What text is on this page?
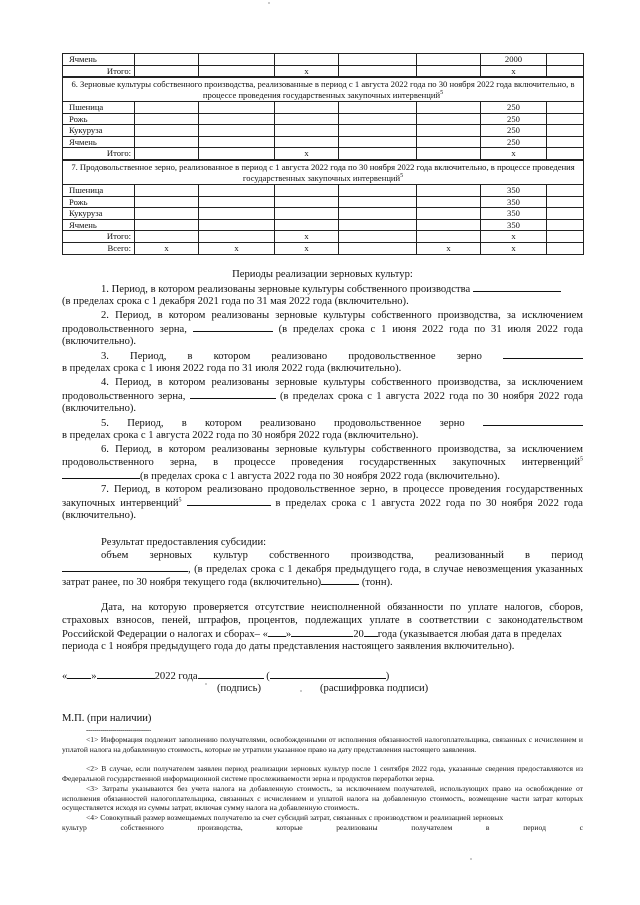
Ячмень						2000	
Итого:			х			х	
6. Зерновые культуры собственного производства, реализованные в период с 1 августа 2022 года по 30 ноября 2022 года включительно, в процессе проведения государственных закупочных интервенций$^5$
Пшеница						250	
Рожь						250	
Кукуруза						250	
Ячмень						250	
Итого:			х			х	
7. Продовольственное зерно, реализованное в период с 1 августа 2022 года по 30 ноября 2022 года включительно, в процессе проведения государственных закупочных интервенций$^5$
Пшеница						350	
Рожь						350	
Кукуруза						350	
Ячмень						350	
Итого:			х			х	
Всего:	х	х	х		х	х	
Периоды реализации зерновых культур:
1. Период, в котором реализованы зерновые культуры собственного производства
(в пределах срока с 1 декабря 2021 года по 31 мая 2022 года (включительно).
2. Период, в котором реализованы зерновые культуры собственного производства, за исключением
продовольственного зерна,	(в пределах срока с 1 июня 2022 года по 31 июля 2022 года
(включительно).
3. Период, в котором реализовано продовольственное зерно
в пределах срока с 1 июня 2022 года по 31 июля 2022 года (включительно).
4. Период, в котором реализованы зерновые культуры собственного производства, за исключением
продовольственного зерна,	(в пределах срока с 1 августа 2022 года по 30 ноября 2022 года
(включительно).
5. Период, в котором реализовано продовольственное зерно
в пределах срока с 1 августа 2022 года по 30 ноября 2022 года (включительно).
6. Период, в котором реализованы зерновые культуры собственного производства, за исключением
продовольственного зерна, в процессе проведения государственных закупочных интервенций$^5$
(в пределах срока с 1 августа 2022 года по 30 ноября 2022 года (включительно).
7. Период, в котором реализовано продовольственное зерно, в процессе проведения государственных
закупочных интервенций$^5$	в пределах срока с 1 августа 2022 года по 30 ноября 2022 года
(включительно).
Результат предоставления субсидии:
объем зерновых культур собственного производства, реализованный в период
, (в пределах срока с 1 декабря предыдущего года, в случае невозмещения указанных
затрат ранее, по 30 ноября текущего года (включительно)	(тонн).
Дата, на которую проверяется отсутствие неисполненной обязанности по уплате налогов, сборов,
страховых взносов, пеней, штрафов, процентов, подлежащих уплате в соответствии с законодательством
Российской Федерации о налогах и сборах– « »	20 года (указывается любая дата в пределах
периода с 1 ноября предыдущего года до даты представления настоящего заявления включительно).
« »	2022 года	(	)
(подпись)	(расшифровка подписи)
М.П. (при наличии)
--------------------------------
<1> Информация подлежит заполнению получателями, освобожденными от исполнения обязанностей налогоплательщика, связанных с исчислением и уплатой налога на добавленную стоимость, которые не утратили указанное право на дату представления настоящего заявления.
<2> В случае, если получателем заявлен период реализации зерновых культур после 1 сентября 2022 года, указанные сведения предоставляются из Федеральной государственной информационной системе прослеживаемости зерна и продуктов переработки зерна.
<3> Затраты указываются без учета налога на добавленную стоимость, за исключением получателей, использующих право на освобождение от исполнения обязанностей налогоплательщика, связанных с исчислением и уплатой налога на добавленную стоимость, возмещение части затрат которых осуществляется исходя из суммы затрат, включая сумму налога на добавленную стоимость.
<4> Совокупный размер возмещаемых получателю за счет субсидий затрат, связанных с производством и реализацией зерновых
культур собственного производства, которые реализованы получателем в период с
